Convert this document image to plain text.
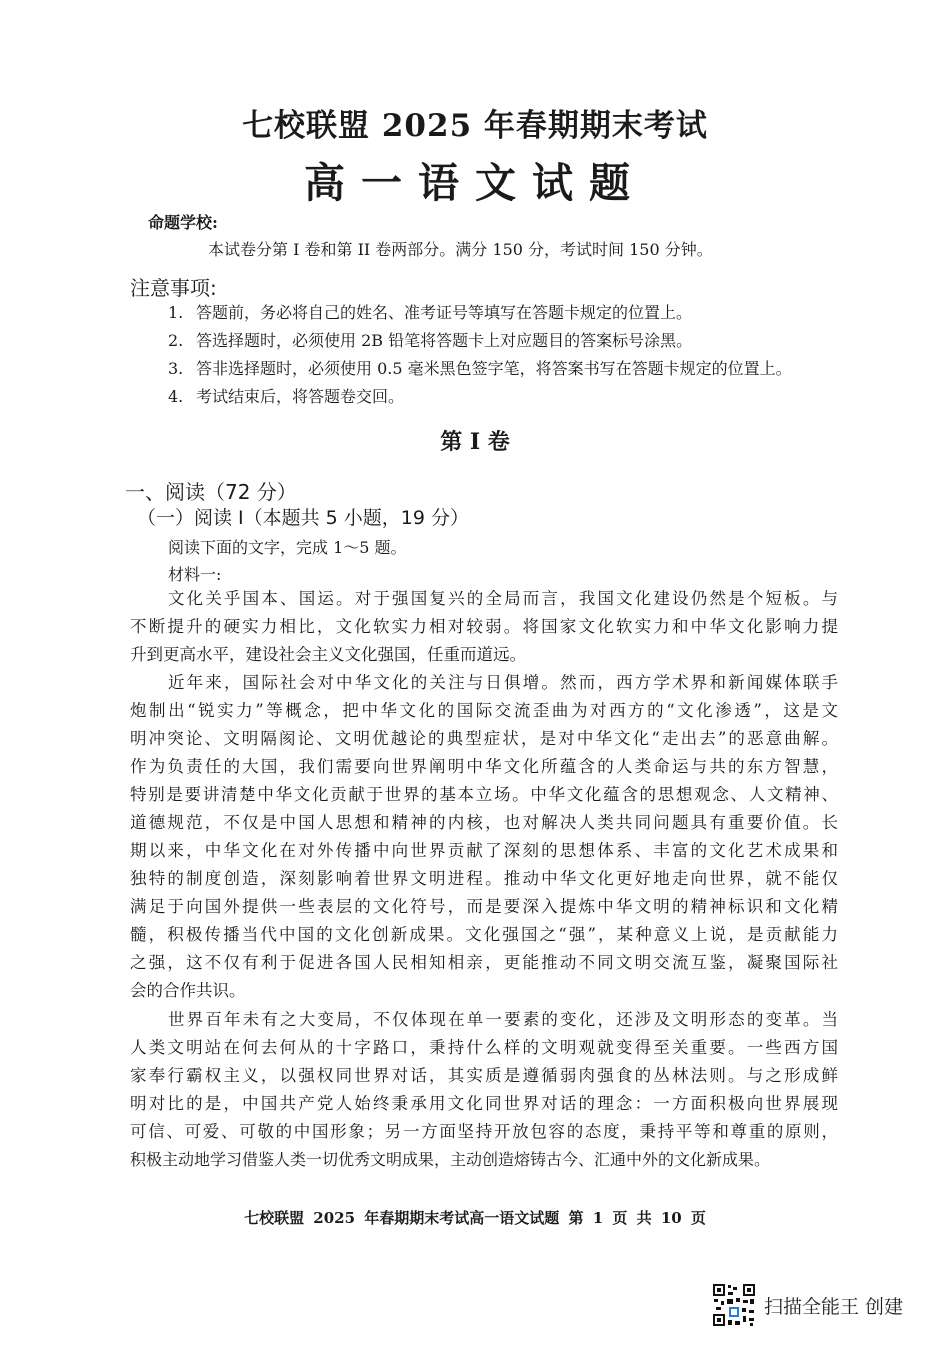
七校联盟 2025 年春期期末考试
高一语文试题
命题学校:
本试卷分第 I 卷和第 II 卷两部分。满分 150 分，考试时间 150 分钟。
注意事项:
1. 答题前，务必将自己的姓名、准考证号等填写在答题卡规定的位置上。
2. 答选择题时，必须使用 2B 铅笔将答题卡上对应题目的答案标号涂黑。
3. 答非选择题时，必须使用 0.5 毫米黑色签字笔，将答案书写在答题卡规定的位置上。
4. 考试结束后，将答题卷交回。
第 I 卷
一、阅读（72 分）
（一）阅读 I（本题共 5 小题，19 分）
阅读下面的文字，完成 1～5 题。
材料一:
文化关乎国本、国运。对于强国复兴的全局而言，我国文化建设仍然是个短板。与
不断提升的硬实力相比，文化软实力相对较弱。将国家文化软实力和中华文化影响力提
升到更高水平，建设社会主义文化强国，任重而道远。
近年来，国际社会对中华文化的关注与日俱增。然而，西方学术界和新闻媒体联手
炮制出“锐实力”等概念，把中华文化的国际交流歪曲为对西方的“文化渗透”，这是文
明冲突论、文明隔阂论、文明优越论的典型症状，是对中华文化“走出去”的恶意曲解。
作为负责任的大国，我们需要向世界阐明中华文化所蕴含的人类命运与共的东方智慧，
特别是要讲清楚中华文化贡献于世界的基本立场。中华文化蕴含的思想观念、人文精神、
道德规范，不仅是中国人思想和精神的内核，也对解决人类共同问题具有重要价值。长
期以来，中华文化在对外传播中向世界贡献了深刻的思想体系、丰富的文化艺术成果和
独特的制度创造，深刻影响着世界文明进程。推动中华文化更好地走向世界，就不能仅
满足于向国外提供一些表层的文化符号，而是要深入提炼中华文明的精神标识和文化精
髓，积极传播当代中国的文化创新成果。文化强国之“强”，某种意义上说，是贡献能力
之强，这不仅有利于促进各国人民相知相亲，更能推动不同文明交流互鉴，凝聚国际社
会的合作共识。
世界百年未有之大变局，不仅体现在单一要素的变化，还涉及文明形态的变革。当
人类文明站在何去何从的十字路口，秉持什么样的文明观就变得至关重要。一些西方国
家奉行霸权主义，以强权同世界对话，其实质是遵循弱肉强食的丛林法则。与之形成鲜
明对比的是，中国共产党人始终秉承用文化同世界对话的理念：一方面积极向世界展现
可信、可爱、可敬的中国形象；另一方面坚持开放包容的态度，秉持平等和尊重的原则，
积极主动地学习借鉴人类一切优秀文明成果，主动创造熔铸古今、汇通中外的文化新成果。
七校联盟 2025 年春期期末考试高一语文试题 第 1 页 共 10 页
扫描全能王 创建
